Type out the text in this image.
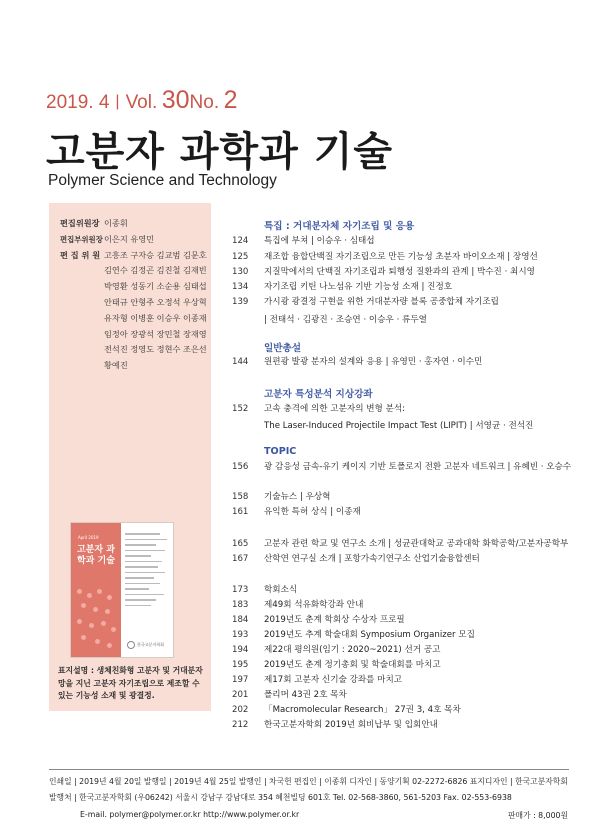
2019. 4 | Vol. 30No. 2
고분자 과학과 기술
Polymer Science and Technology
편집위원장 이종휘
편집부위원장 이은지 유영민
편 집 위 원 고흥조 구자승 김교범 김문호
김연수 김정곤 김진철 김재빈
박영환 성동기 소순용 심태섭
안태규 안형주 오정석 우상혁
유자형 이병훈 이승우 이종재
임정아 장광석 장민철 장재영
전석진 정영도 정현수 조은선
황예진
April 2019
고분자 과학과 기술
한국고분자학회
표지설명 : 생체친화형 고분자 및 거대분자망을 지닌 고분자 자기조립으로 제조할 수 있는 기능성 소재 및 광결정.
특집 : 거대분자체 자기조립 및 응용
124	특집에 부쳐 | 이승우 · 심태섭
125	재조합 융합단백질 자기조립으로 만든 기능성 초분자 바이오소재 | 장영선
130	지질막에서의 단백질 자기조립과 퇴행성 질환과의 관계 | 박수진 · 최시영
134	자기조립 키틴 나노섬유 기반 기능성 소재 | 진정호
139	가시광 광결정 구현을 위한 거대분자량 블록 공중합체 자기조립
| 전태석 · 김광진 · 조승연 · 이승우 · 류두열
일반총설
144	원편광 발광 분자의 설계와 응용 | 유영민 · 홍자연 · 이수민
고분자 특성분석 지상강좌
152	고속 충격에 의한 고분자의 변형 분석:
The Laser-Induced Projectile Impact Test (LIPIT) | 서영균 · 전석진
TOPIC
156	광 감응성 금속-유기 케이지 기반 토폴로지 전환 고분자 네트워크 | 유혜빈 · 오승수
158	기술뉴스 | 우상혁
161	유익한 특허 상식 | 이종재
165	고분자 관련 학교 및 연구소 소개 | 성균관대학교 공과대학 화학공학/고분자공학부
167	산학연 연구실 소개 | 포항가속기연구소 산업기술융합센터
173	학회소식
183	제49회 석유화학강좌 안내
184	2019년도 춘계 학회상 수상자 프로필
193	2019년도 추계 학술대회 Symposium Organizer 모집
194	제22대 평의원(임기 : 2020~2021) 선거 공고
195	2019년도 춘계 정기총회 및 학술대회를 마치고
197	제17회 고분자 신기술 강좌를 마치고
201	폴리머 43권 2호 목차
202	「Macromolecular Research」 27권 3, 4호 목차
212	한국고분자학회 2019년 회비납부 및 입회안내
인쇄일 | 2019년 4월 20일 발행일 | 2019년 4월 25일 발행인 | 차국헌 편집인 | 이종휘 디자인 | 동양기획 02-2272-6826 표지디자인 | 한국고분자학회
발행처 | 한국고분자학회 (우06242) 서울시 강남구 강남대로 354 혜천빌딩 601호 Tel. 02-568-3860, 561-5203 Fax. 02-553-6938
E-mail. polymer@polymer.or.kr http://www.polymer.or.kr	판매가 : 8,000원
